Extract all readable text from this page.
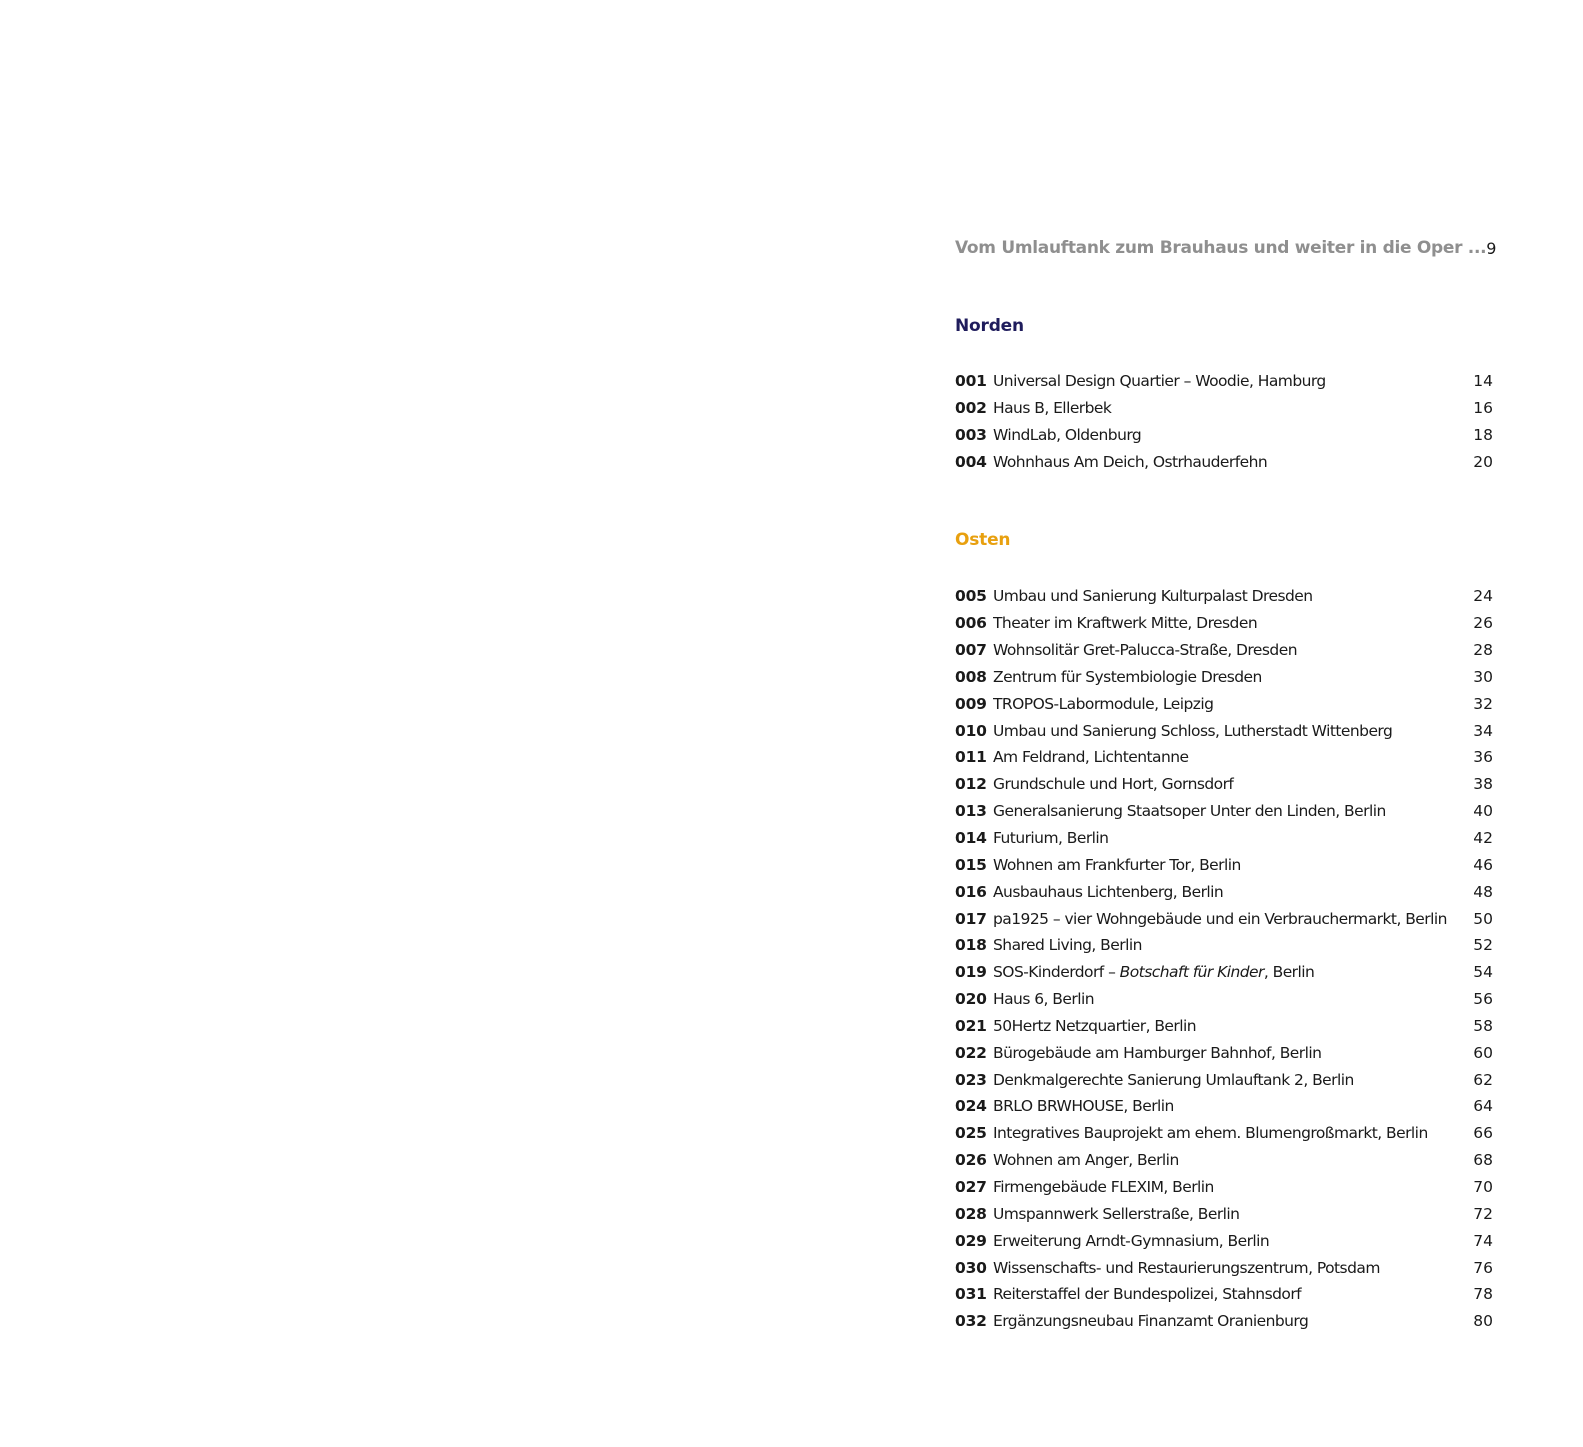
Vom Umlauftank zum Brauhaus und weiter in die Oper ... 9
Norden
001 Universal Design Quartier – Woodie, Hamburg	14
002 Haus B, Ellerbek	16
003 WindLab, Oldenburg	18
004 Wohnhaus Am Deich, Ostrhauderfehn	20
Osten
005 Umbau und Sanierung Kulturpalast Dresden	24
006 Theater im Kraftwerk Mitte, Dresden	26
007 Wohnsolitär Gret-Palucca-Straße, Dresden	28
008 Zentrum für Systembiologie Dresden	30
009 TROPOS-Labormodule, Leipzig	32
010 Umbau und Sanierung Schloss, Lutherstadt Wittenberg	34
011 Am Feldrand, Lichtentanne	36
012 Grundschule und Hort, Gornsdorf	38
013 Generalsanierung Staatsoper Unter den Linden, Berlin	40
014 Futurium, Berlin	42
015 Wohnen am Frankfurter Tor, Berlin	46
016 Ausbauhaus Lichtenberg, Berlin	48
017 pa1925 – vier Wohngebäude und ein Verbrauchermarkt, Berlin	50
018 Shared Living, Berlin	52
019 SOS-Kinderdorf – Botschaft für Kinder, Berlin	54
020 Haus 6, Berlin	56
021 50Hertz Netzquartier, Berlin	58
022 Bürogebäude am Hamburger Bahnhof, Berlin	60
023 Denkmalgerechte Sanierung Umlauftank 2, Berlin	62
024 BRLO BRWHOUSE, Berlin	64
025 Integratives Bauprojekt am ehem. Blumengroßmarkt, Berlin	66
026 Wohnen am Anger, Berlin	68
027 Firmengebäude FLEXIM, Berlin	70
028 Umspannwerk Sellerstraße, Berlin	72
029 Erweiterung Arndt-Gymnasium, Berlin	74
030 Wissenschafts- und Restaurierungszentrum, Potsdam	76
031 Reiterstaffel der Bundespolizei, Stahnsdorf	78
032 Ergänzungsneubau Finanzamt Oranienburg	80
